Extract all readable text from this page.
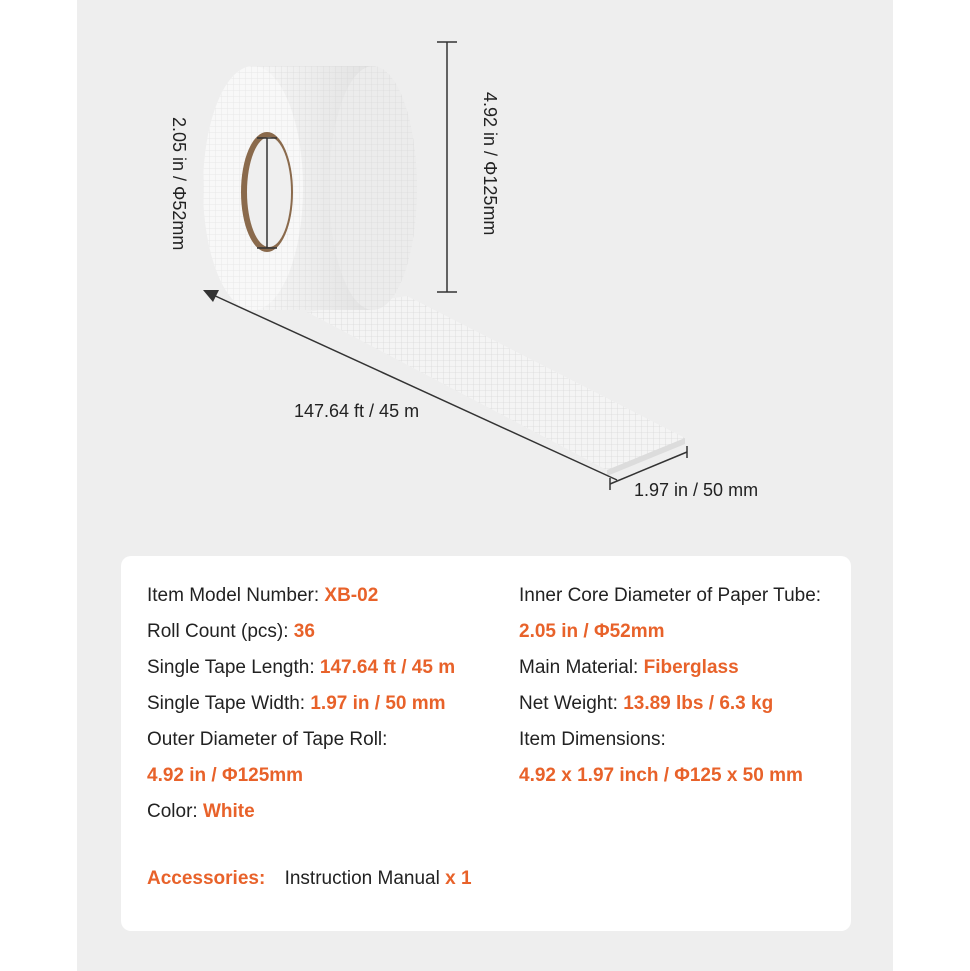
2.05 in / Φ52mm	4.92 in / Φ125mm
147.64 ft / 45 m
1.97 in / 50 mm
Item Model Number: XB-02
Roll Count (pcs): 36
Single Tape Length: 147.64 ft / 45 m
Single Tape Width: 1.97 in / 50 mm
Outer Diameter of Tape Roll:
4.92 in / Φ125mm
Color: White
Inner Core Diameter of Paper Tube:
2.05 in / Φ52mm
Main Material: Fiberglass
Net Weight: 13.89 lbs / 6.3 kg
Item Dimensions:
4.92 x 1.97 inch / Φ125 x 50 mm
Accessories: Instruction Manual x 1
